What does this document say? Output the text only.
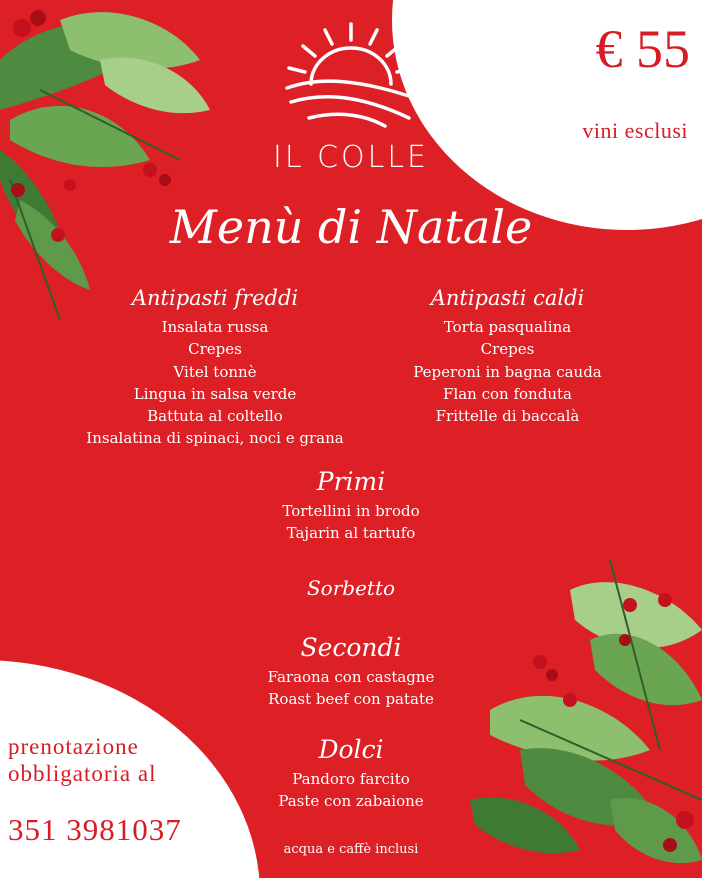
IL COLLE
€ 55
vini esclusi
Menù di Natale
Antipasti freddi
Insalata russa
Crepes
Vitel tonnè
Lingua in salsa verde
Battuta al coltello
Insalatina di spinaci, noci e grana
Antipasti caldi
Torta pasqualina
Crepes
Peperoni in bagna cauda
Flan con fonduta
Frittelle di baccalà
Primi
Tortellini in brodo
Tajarin al tartufo
Sorbetto
Secondi
Faraona con castagne
Roast beef con patate
Dolci
Pandoro farcito
Paste con zabaione
acqua e caffè inclusi
prenotazione
obbligatoria al
351 3981037
